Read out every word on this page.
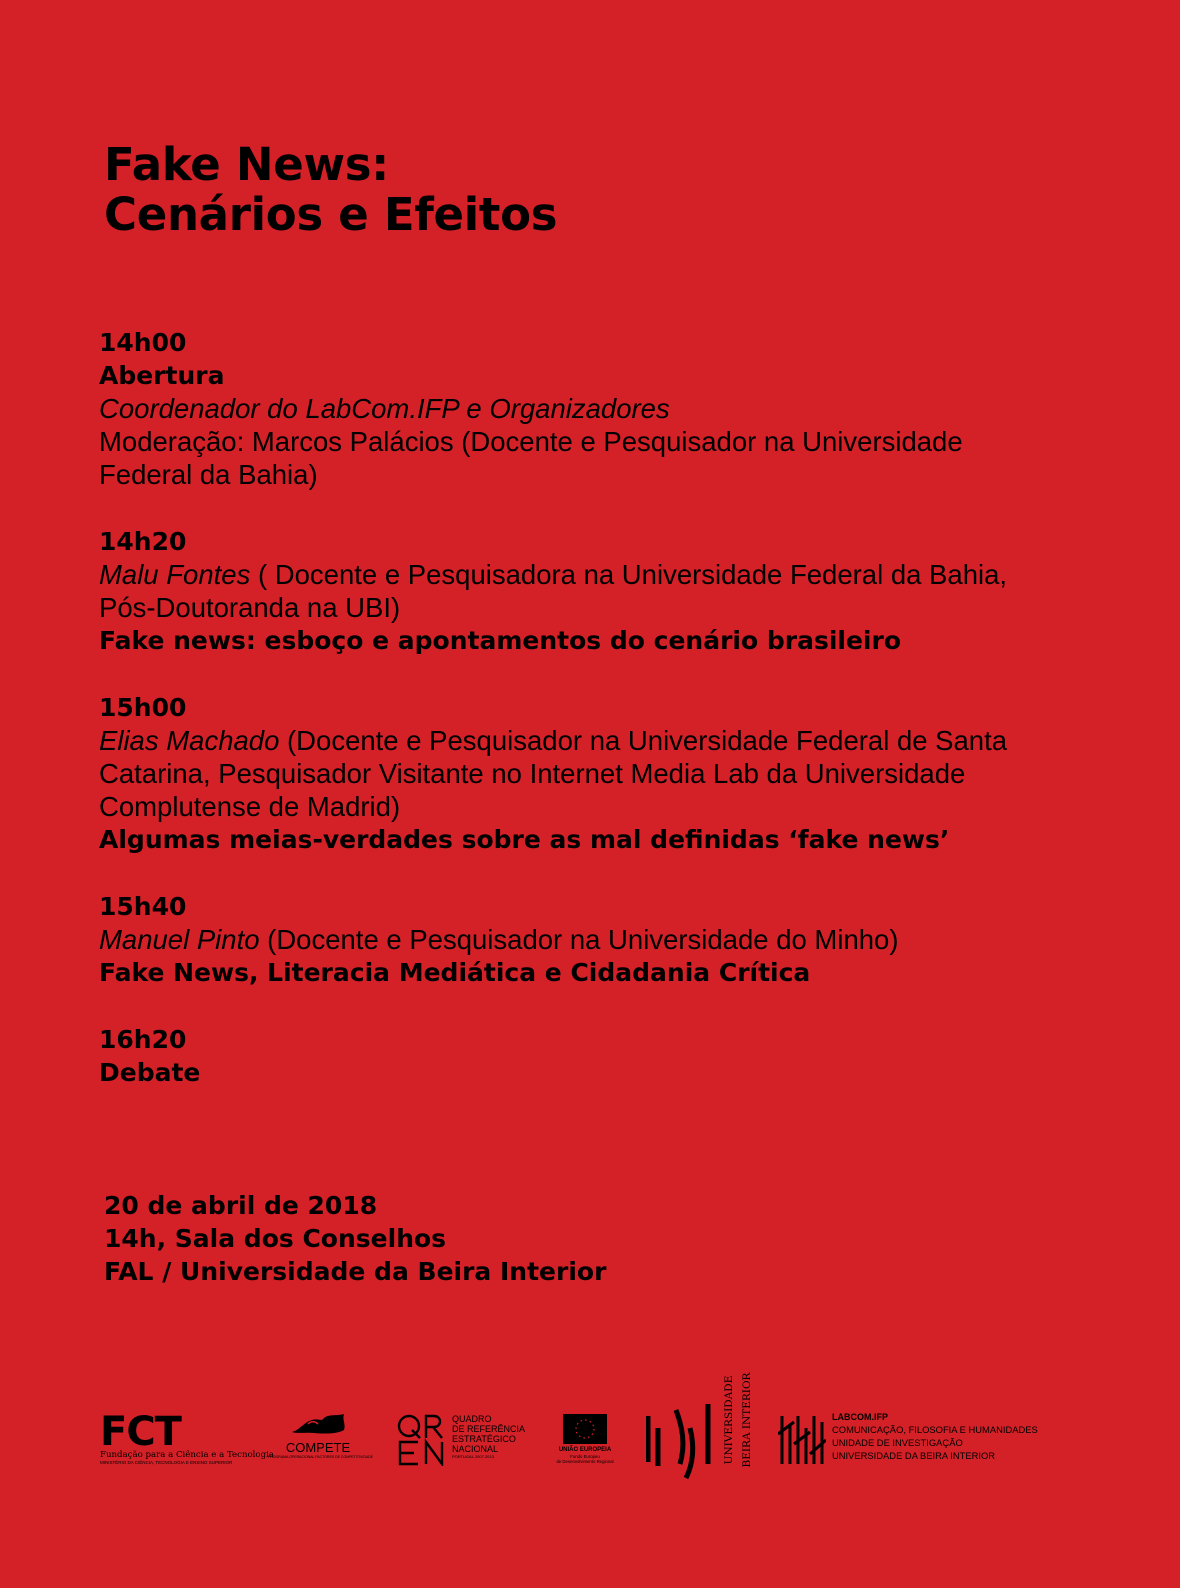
Fake News:
Cenários e Efeitos
14h00
Abertura
Coordenador do LabCom.IFP e Organizadores
Moderação: Marcos Palácios (Docente e Pesquisador na Universidade
Federal da Bahia)
14h20
Malu Fontes ( Docente e Pesquisadora na Universidade Federal da Bahia,
Pós-Doutoranda na UBI)
Fake news: esboço e apontamentos do cenário brasileiro
15h00
Elias Machado (Docente e Pesquisador na Universidade Federal de Santa
Catarina, Pesquisador Visitante no Internet Media Lab da Universidade
Complutense de Madrid)
Algumas meias-verdades sobre as mal definidas ‘fake news’
15h40
Manuel Pinto (Docente e Pesquisador na Universidade do Minho)
Fake News, Literacia Mediática e Cidadania Crítica
16h20
Debate
20 de abril de 2018
14h, Sala dos Conselhos
FAL / Universidade da Beira Interior
FCT
Fundação para a Ciência e a Tecnologia
MINISTÉRIO DA CIÊNCIA, TECNOLOGIA E ENSINO SUPERIOR
COMPETE
PROGRAMA OPERACIONAL FACTORES DE COMPETITIVIDADE
QUADRO
DE REFERÊNCIA
ESTRATÉGICO
NACIONAL
PORTUGAL 2007.2013
UNIÃO EUROPEIA
Fundo Europeu
de Desenvolvimento Regional	UNIVERSIDADE BEIRA INTERIOR	LABCOM.IFP
COMUNICAÇÃO, FILOSOFIA E HUMANIDADES
UNIDADE DE INVESTIGAÇÃO
UNIVERSIDADE DA BEIRA INTERIOR
